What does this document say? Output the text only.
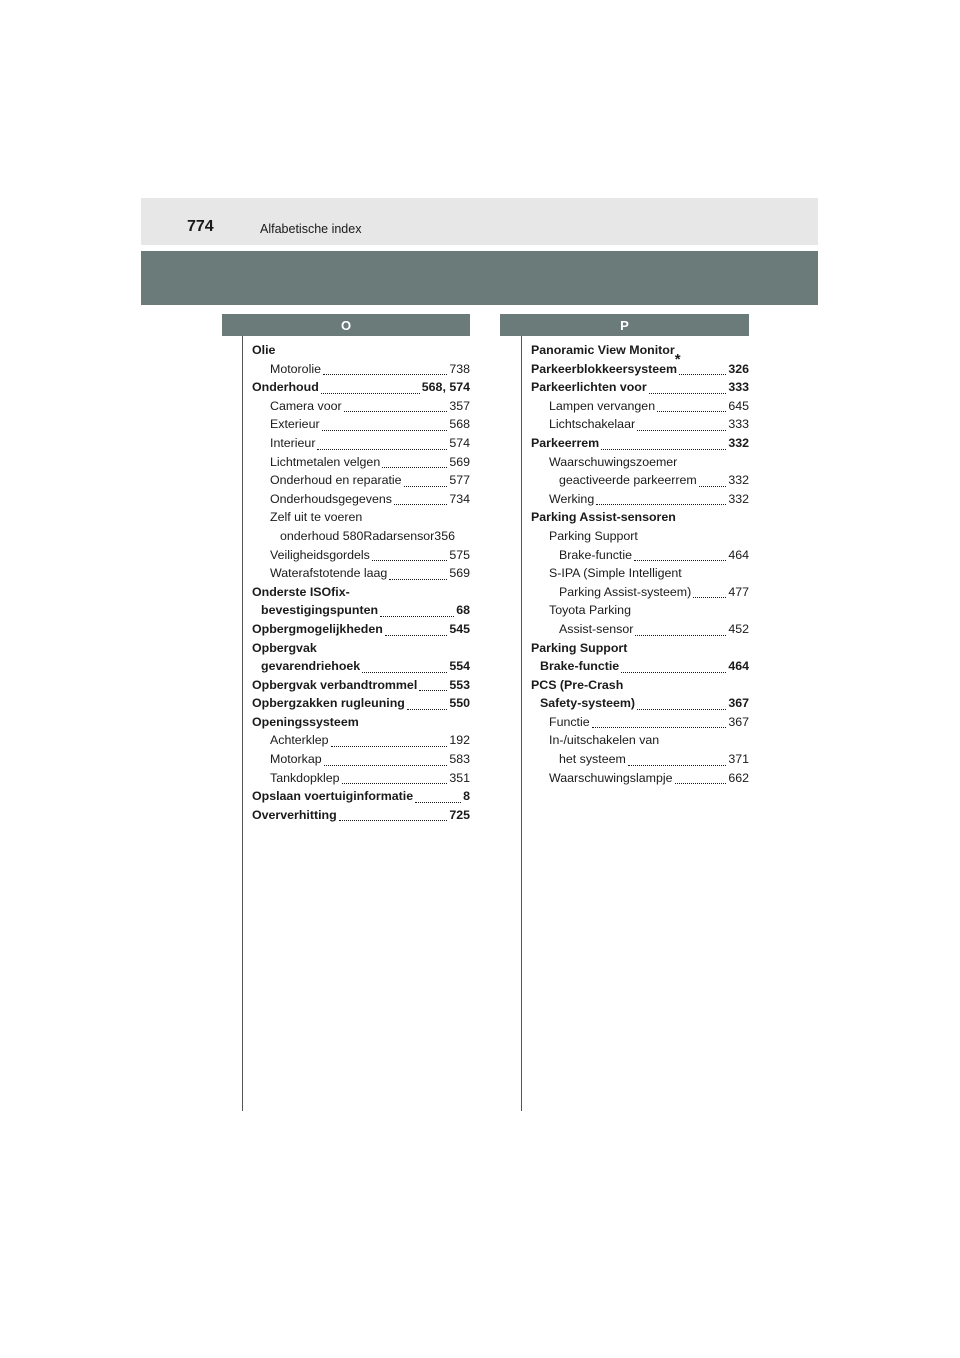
774	Alfabetische index
O	P
Olie
Motorolie	738
Onderhoud	568, 574
Camera voor	357
Exterieur	568
Interieur	574
Lichtmetalen velgen	569
Onderhoud en reparatie	577
Onderhoudsgegevens	734
Zelf uit te voeren
onderhoud 580Radarsensor356
Veiligheidsgordels	575
Waterafstotende laag	569
Onderste ISOfix-
bevestigingspunten	68
Opbergmogelijkheden	545
Opbergvak
gevarendriehoek	554
Opbergvak verbandtrommel	553
Opbergzakken rugleuning	550
Openingssysteem
Achterklep	192
Motorkap	583
Tankdopklep	351
Opslaan voertuiginformatie	8
Oververhitting	725
Panoramic View Monitor
*
Parkeerblokkeersysteem	326
Parkeerlichten voor	333
Lampen vervangen	645
Lichtschakelaar	333
Parkeerrem	332
Waarschuwingszoemer
geactiveerde parkeerrem	332
Werking	332
Parking Assist-sensoren
Parking Support
Brake-functie	464
S-IPA (Simple Intelligent
Parking Assist-systeem)	477
Toyota Parking
Assist-sensor	452
Parking Support
Brake-functie	464
PCS (Pre-Crash
Safety-systeem)	367
Functie	367
In-/uitschakelen van
het systeem	371
Waarschuwingslampje	662
